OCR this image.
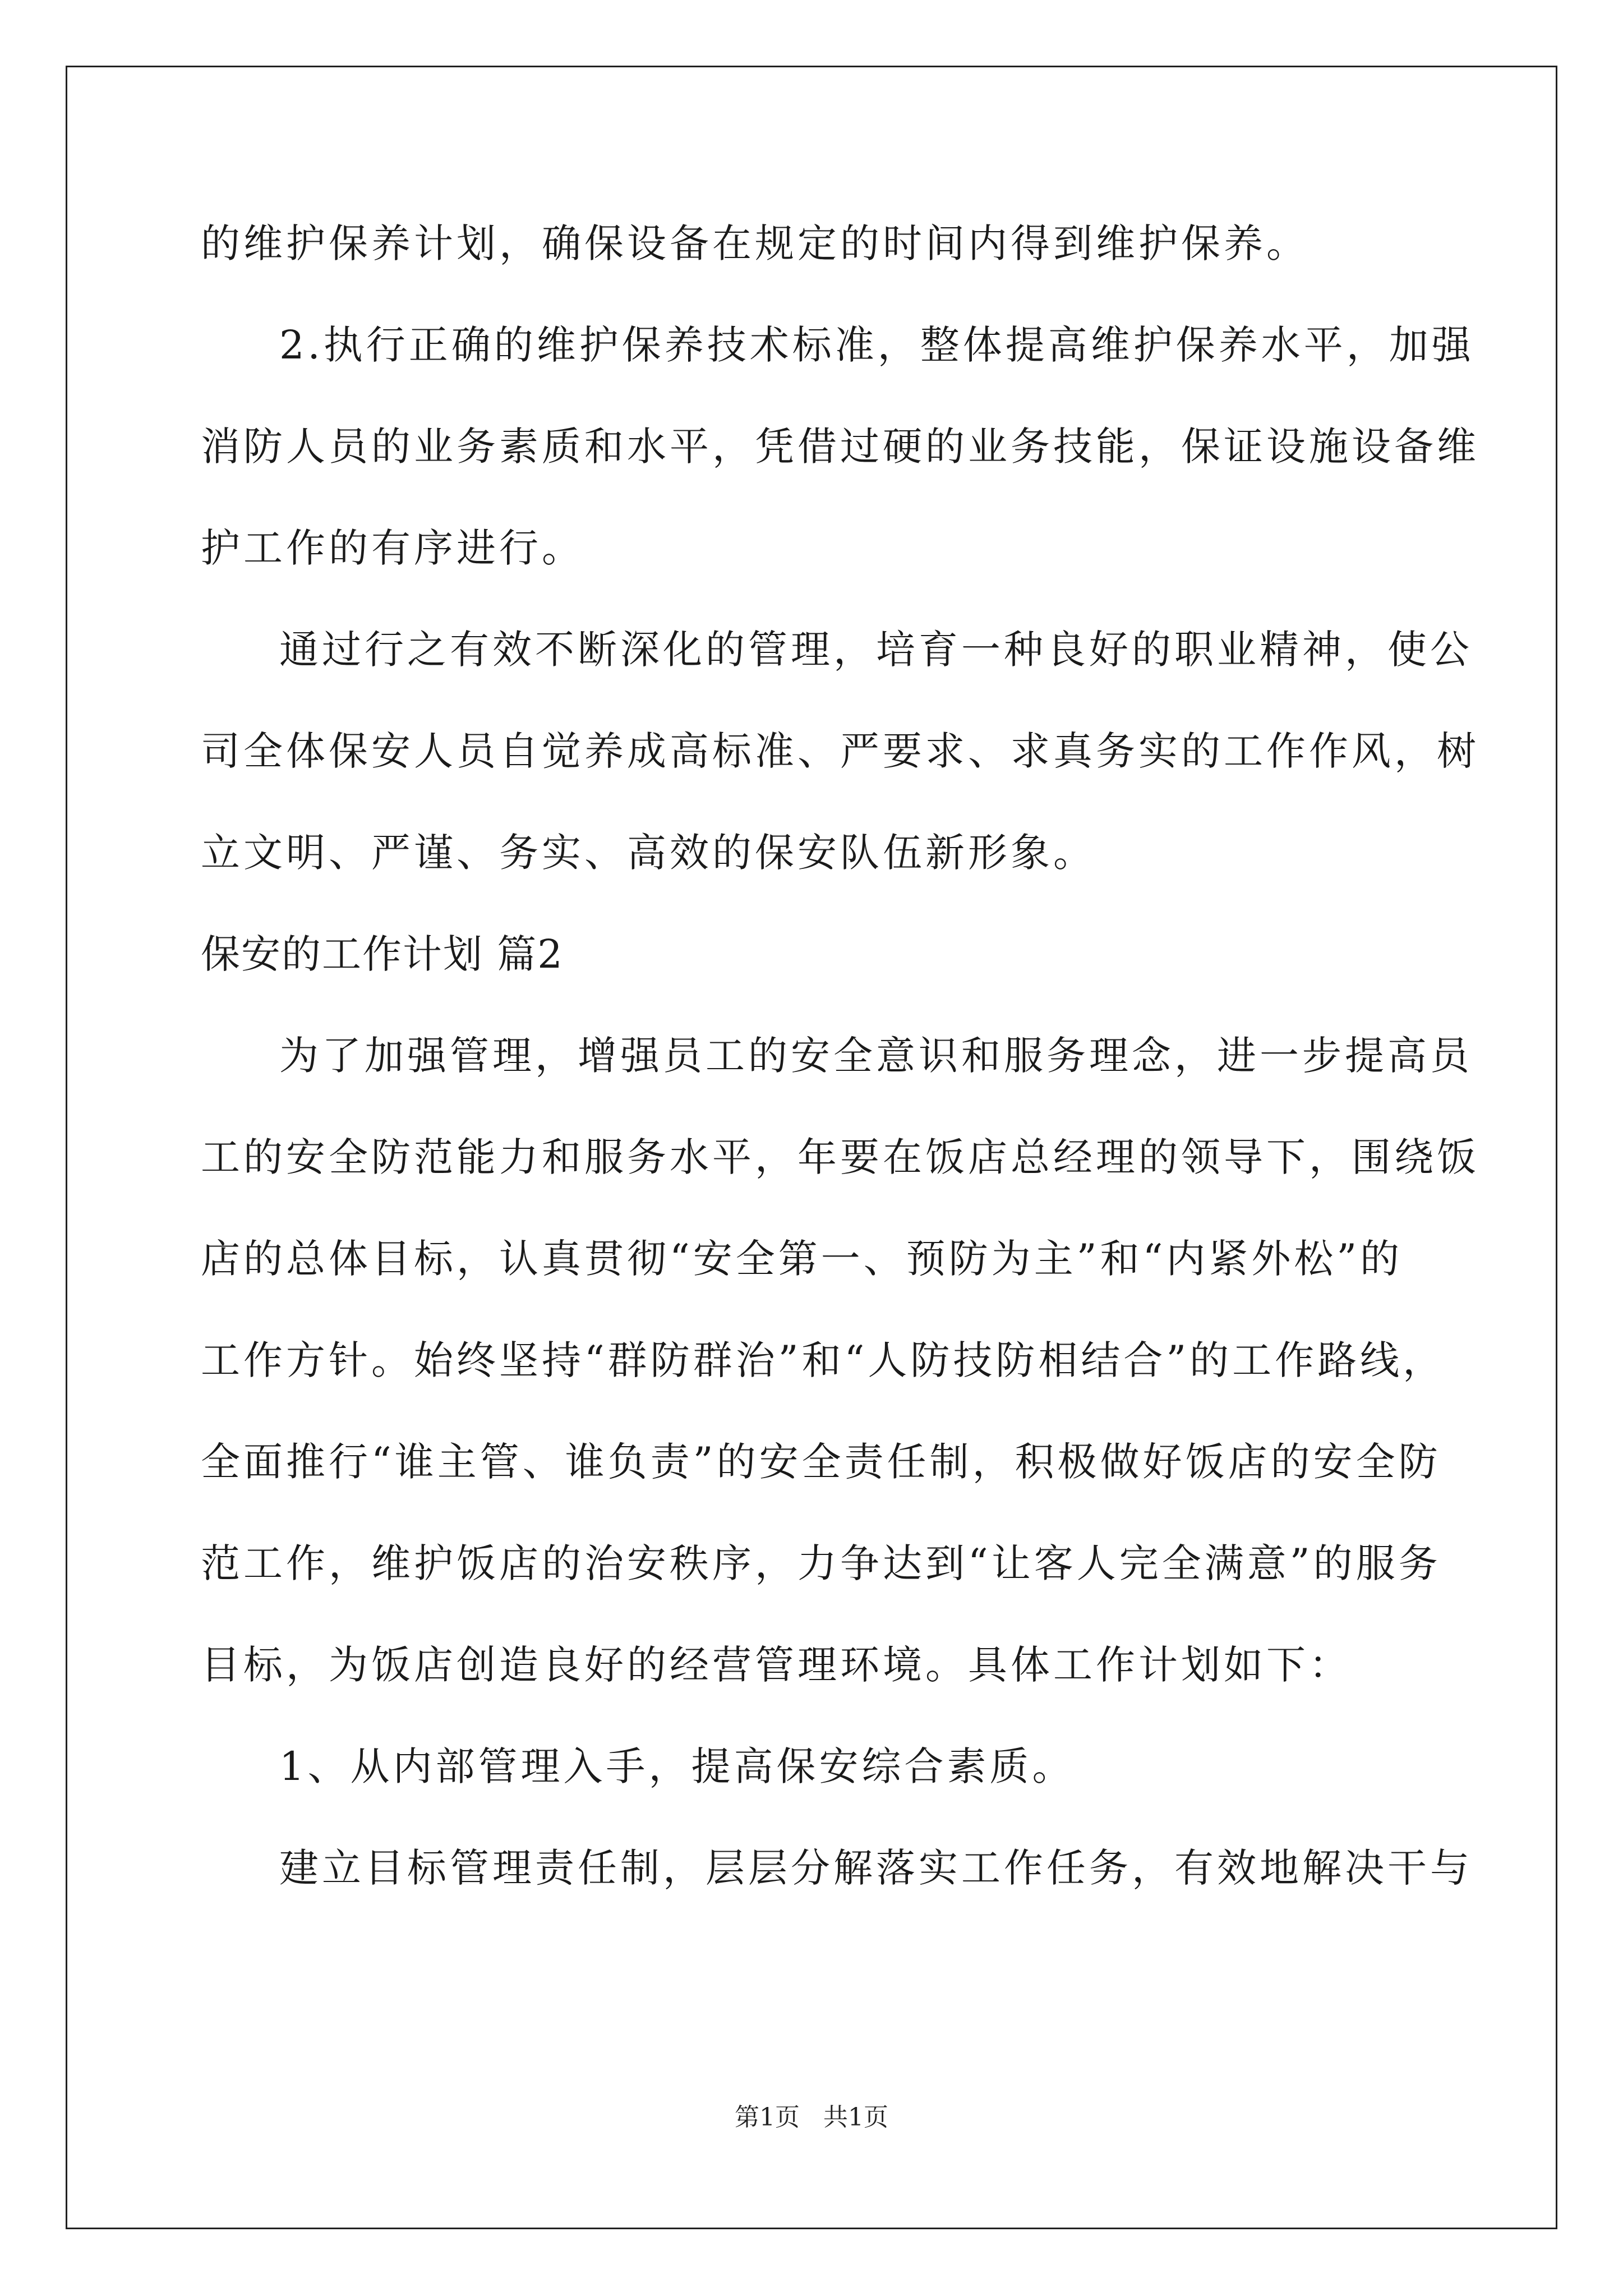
的维护保养计划，确保设备在规定的时间内得到维护保养。
2.执行正确的维护保养技术标准，整体提高维护保养水平，加强
消防人员的业务素质和水平，凭借过硬的业务技能，保证设施设备维
护工作的有序进行。
通过行之有效不断深化的管理，培育一种良好的职业精神，使公
司全体保安人员自觉养成高标准、严要求、求真务实的工作作风，树
立文明、严谨、务实、高效的保安队伍新形象。
保安的工作计划 篇2
为了加强管理，增强员工的安全意识和服务理念，进一步提高员
工的安全防范能力和服务水平，年要在饭店总经理的领导下，围绕饭
店的总体目标，认真贯彻“安全第一、预防为主”和“内紧外松”的
工作方针。始终坚持“群防群治”和“人防技防相结合”的工作路线，
全面推行“谁主管、谁负责”的安全责任制，积极做好饭店的安全防
范工作，维护饭店的治安秩序，力争达到“让客人完全满意”的服务
目标，为饭店创造良好的经营管理环境。具体工作计划如下：
1、从内部管理入手，提高保安综合素质。
建立目标管理责任制，层层分解落实工作任务，有效地解决干与
第1页   共1页
